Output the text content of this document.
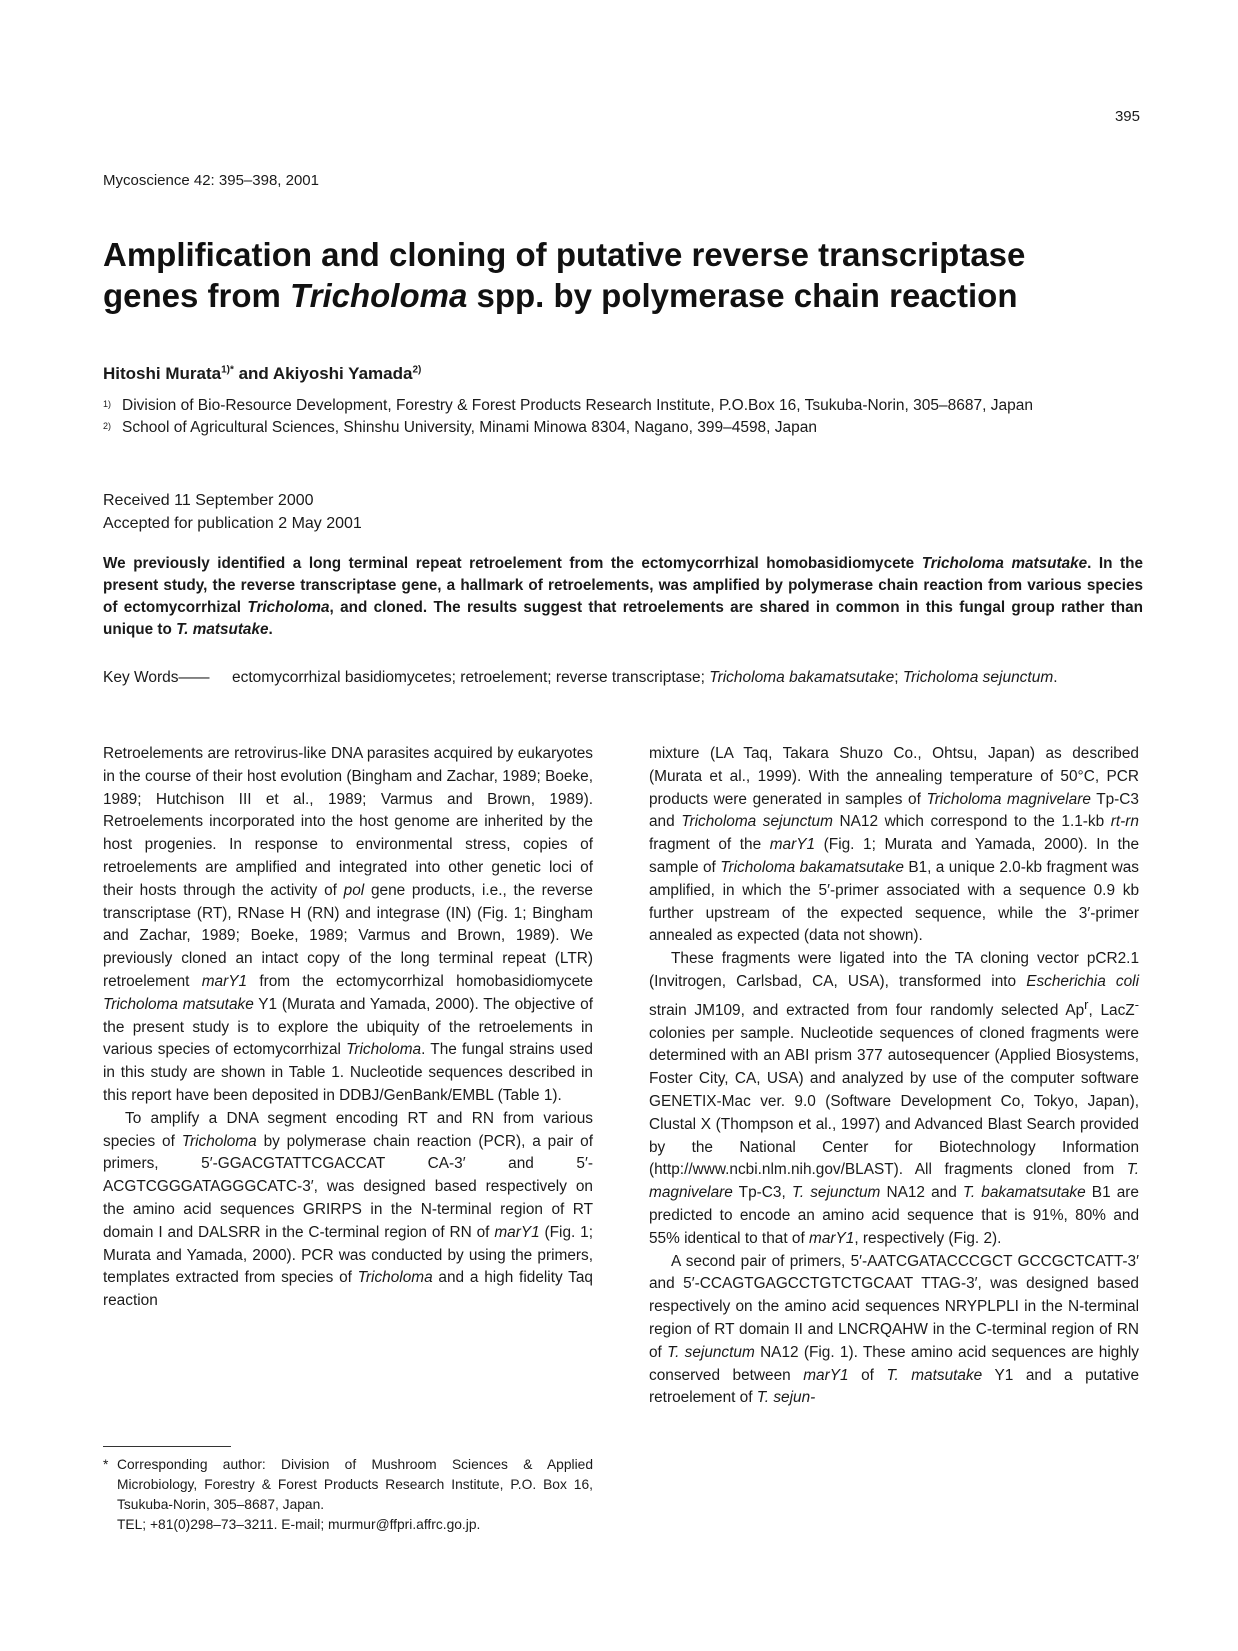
395
Mycoscience 42: 395–398, 2001
Amplification and cloning of putative reverse transcriptase
genes from Tricholoma spp. by polymerase chain reaction
Hitoshi Murata$^{1)*}$ and Akiyoshi Yamada$^{2)}$
1) Division of Bio-Resource Development, Forestry & Forest Products Research Institute, P.O.Box 16, Tsukuba-Norin, 305–8687, Japan
2) School of Agricultural Sciences, Shinshu University, Minami Minowa 8304, Nagano, 399–4598, Japan
Received 11 September 2000
Accepted for publication 2 May 2001

We previously identified a long terminal repeat retroelement from the ectomycorrhizal homobasidiomycete Tricholoma matsutake. In the present study, the reverse transcriptase gene, a hallmark of retroelements, was amplified by polymerase chain reaction from various species of ectomycorrhizal Tricholoma, and cloned. The results suggest that retroelements are shared in common in this fungal group rather than unique to T. matsutake.

Key Words——	ectomycorrhizal basidiomycetes; retroelement; reverse transcriptase; Tricholoma bakamatsutake; Tricholoma sejunctum.

Retroelements are retrovirus-like DNA parasites acquired by eukaryotes in the course of their host evolution (Bingham and Zachar, 1989; Boeke, 1989; Hutchison III et al., 1989; Varmus and Brown, 1989). Retroelements incorporated into the host genome are inherited by the host progenies. In response to environmental stress, copies of retroelements are amplified and integrated into other genetic loci of their hosts through the activity of pol gene products, i.e., the reverse transcriptase (RT), RNase H (RN) and integrase (IN) (Fig. 1; Bingham and Zachar, 1989; Boeke, 1989; Varmus and Brown, 1989). We previously cloned an intact copy of the long terminal repeat (LTR) retroelement marY1 from the ectomycorrhizal homobasidiomycete Tricholoma matsutake Y1 (Murata and Yamada, 2000). The objective of the present study is to explore the ubiquity of the retroelements in various species of ectomycorrhizal Tricholoma. The fungal strains used in this study are shown in Table 1. Nucleotide sequences described in this report have been deposited in DDBJ/GenBank/EMBL (Table 1).

To amplify a DNA segment encoding RT and RN from various species of Tricholoma by polymerase chain reaction (PCR), a pair of primers, 5′-GGACGTATTCGACCAT CA-3′ and 5′-ACGTCGGGATAGGGCATC-3′, was designed based respectively on the amino acid sequences GRIRPS in the N-terminal region of RT domain I and DALSRR in the C-terminal region of RN of marY1 (Fig. 1; Murata and Yamada, 2000). PCR was conducted by using the primers, templates extracted from species of Tricholoma and a high fidelity Taq reaction

mixture (LA Taq, Takara Shuzo Co., Ohtsu, Japan) as described (Murata et al., 1999). With the annealing temperature of 50°C, PCR products were generated in samples of Tricholoma magnivelare Tp-C3 and Tricholoma sejunctum NA12 which correspond to the 1.1-kb rt-rn fragment of the marY1 (Fig. 1; Murata and Yamada, 2000). In the sample of Tricholoma bakamatsutake B1, a unique 2.0-kb fragment was amplified, in which the 5′-primer associated with a sequence 0.9 kb further upstream of the expected sequence, while the 3′-primer annealed as expected (data not shown).

These fragments were ligated into the TA cloning vector pCR2.1 (Invitrogen, Carlsbad, CA, USA), transformed into Escherichia coli strain JM109, and extracted from four randomly selected Ap$^r$, LacZ- colonies per sample. Nucleotide sequences of cloned fragments were determined with an ABI prism 377 autosequencer (Applied Biosystems, Foster City, CA, USA) and analyzed by use of the computer software GENETIX-Mac ver. 9.0 (Software Development Co, Tokyo, Japan), Clustal X (Thompson et al., 1997) and Advanced Blast Search provided by the National Center for Biotechnology Information (http://www.ncbi.nlm.nih.gov/BLAST). All fragments cloned from T. magnivelare Tp-C3, T. sejunctum NA12 and T. bakamatsutake B1 are predicted to encode an amino acid sequence that is 91%, 80% and 55% identical to that of marY1, respectively (Fig. 2).

A second pair of primers, 5′-AATCGATACCCGCT GCCGCTCATT-3′ and 5′-CCAGTGAGCCTGTCTGCAAT TTAG-3′, was designed based respectively on the amino acid sequences NRYPLPLI in the N-terminal region of RT domain II and LNCRQAHW in the C-terminal region of RN of T. sejunctum NA12 (Fig. 1). These amino acid sequences are highly conserved between marY1 of T. matsutake Y1 and a putative retroelement of T. sejun-

* Corresponding author: Division of Mushroom Sciences & Applied Microbiology, Forestry & Forest Products Research Institute, P.O. Box 16, Tsukuba-Norin, 305–8687, Japan.
TEL; +81(0)298–73–3211. E-mail; murmur@ffpri.affrc.go.jp.
